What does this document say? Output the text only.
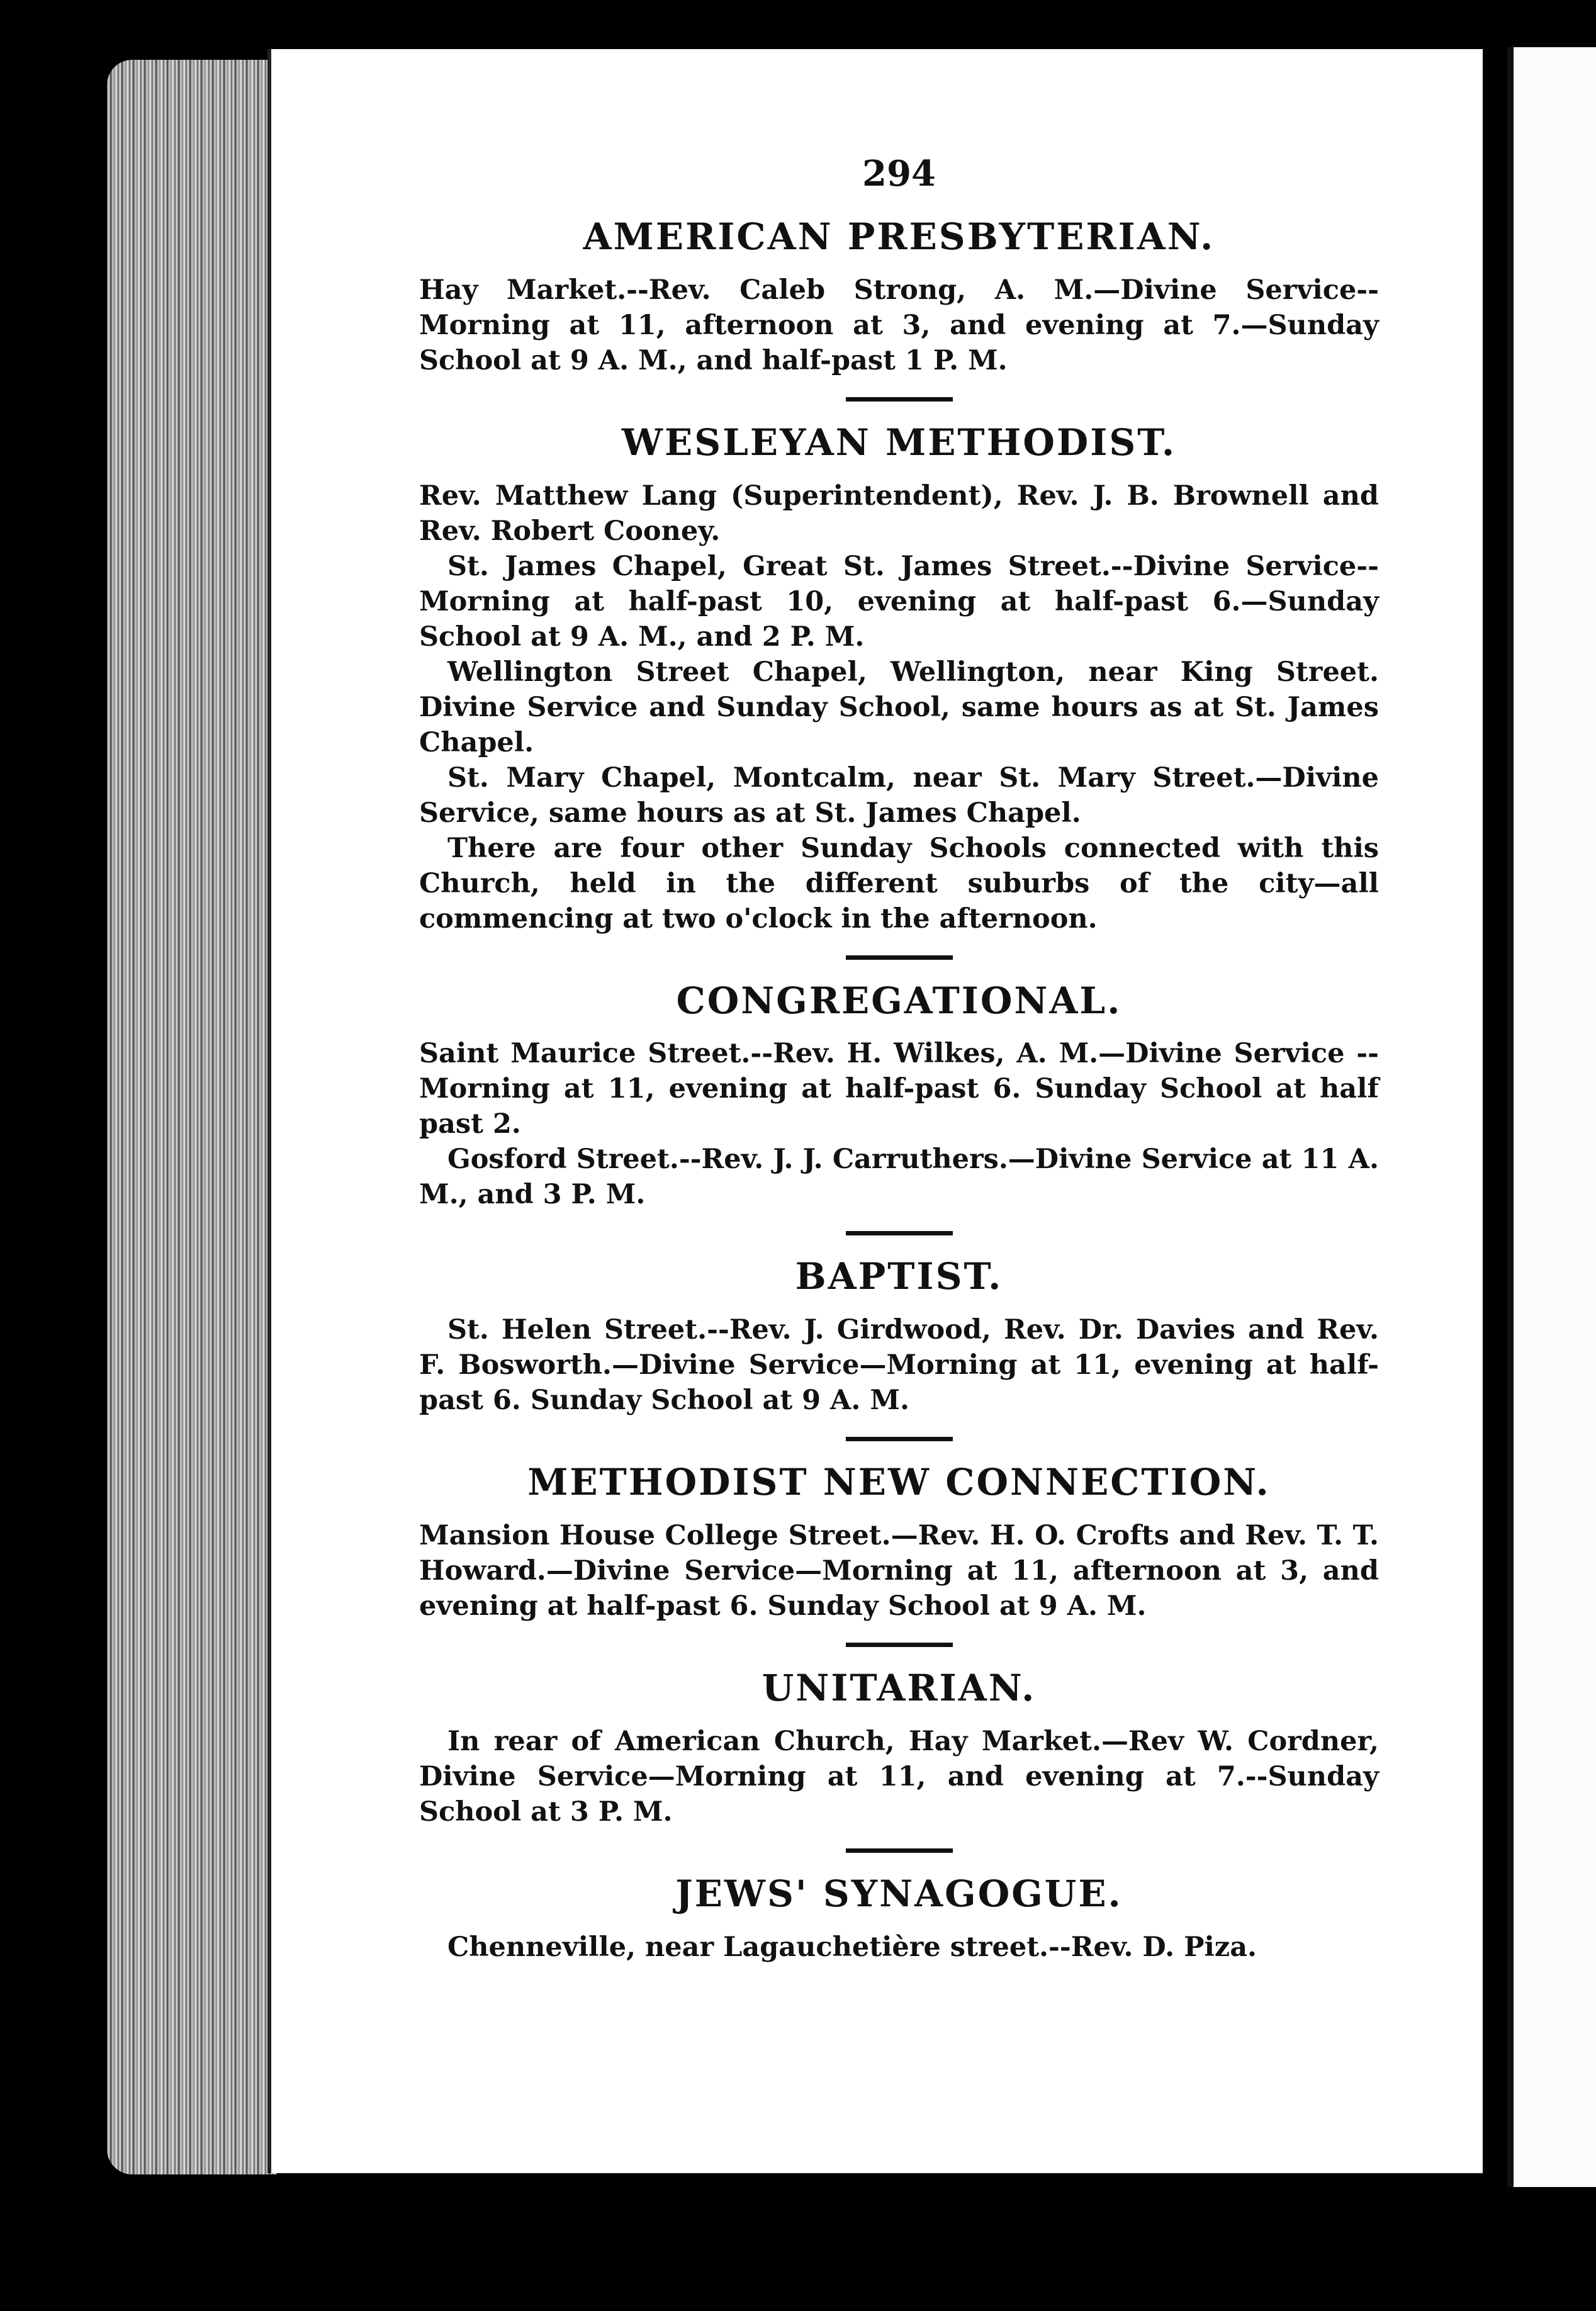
294
AMERICAN PRESBYTERIAN.

Hay Market.--Rev. Caleb Strong, A. M.—Divine Service--Morning at 11, afternoon at 3, and evening at 7.—Sunday School at 9 A. M., and half-past 1 P. M.

WESLEYAN METHODIST.

Rev. Matthew Lang (Superintendent), Rev. J. B. Brownell and Rev. Robert Cooney.

St. James Chapel, Great St. James Street.--Divine Service--Morning at half-past 10, evening at half-past 6.—Sunday School at 9 A. M., and 2 P. M.

Wellington Street Chapel, Wellington, near King Street. Divine Service and Sunday School, same hours as at St. James Chapel.

St. Mary Chapel, Montcalm, near St. Mary Street.—Divine Service, same hours as at St. James Chapel.

There are four other Sunday Schools connected with this Church, held in the different suburbs of the city—all commencing at two o'clock in the afternoon.

CONGREGATIONAL.

Saint Maurice Street.--Rev. H. Wilkes, A. M.—Divine Service --Morning at 11, evening at half-past 6. Sunday School at half past 2.

Gosford Street.--Rev. J. J. Carruthers.—Divine Service at 11 A. M., and 3 P. M.

BAPTIST.

St. Helen Street.--Rev. J. Girdwood, Rev. Dr. Davies and Rev. F. Bosworth.—Divine Service—Morning at 11, evening at half-past 6. Sunday School at 9 A. M.

METHODIST NEW CONNECTION.

Mansion House College Street.—Rev. H. O. Crofts and Rev. T. T. Howard.—Divine Service—Morning at 11, afternoon at 3, and evening at half-past 6. Sunday School at 9 A. M.

UNITARIAN.

In rear of American Church, Hay Market.—Rev W. Cordner, Divine Service—Morning at 11, and evening at 7.--Sunday School at 3 P. M.

JEWS' SYNAGOGUE.

Chenneville, near Lagauchetière street.--Rev. D. Piza.
